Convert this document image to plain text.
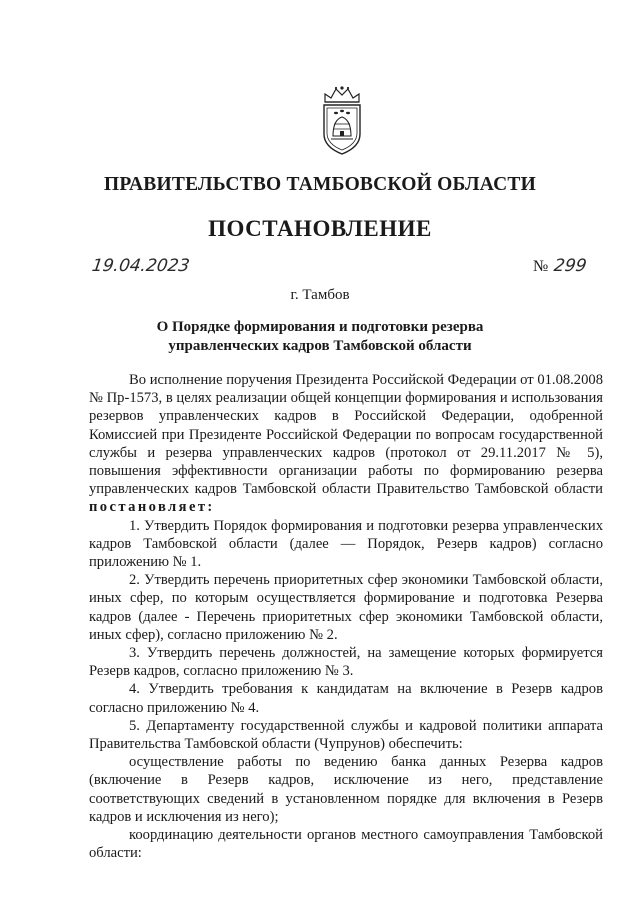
ПРАВИТЕЛЬСТВО ТАМБОВСКОЙ ОБЛАСТИ
ПОСТАНОВЛЕНИЕ
19.04.2023	№ 299
г. Тамбов
О Порядке формирования и подготовки резерва
управленческих кадров Тамбовской области

Во исполнение поручения Президента Российской Федерации от 01.08.2008 № Пр-1573, в целях реализации общей концепции формирования и использования резервов управленческих кадров в Российской Федерации, одобренной Комиссией при Президенте Российской Федерации по вопросам государственной службы и резерва управленческих кадров (протокол от 29.11.2017 № 5), повышения эффективности организации работы по формированию резерва управленческих кадров Тамбовской области Правительство Тамбовской области постановляет:

1. Утвердить Порядок формирования и подготовки резерва управленческих кадров Тамбовской области (далее — Порядок, Резерв кадров) согласно приложению № 1.

2. Утвердить перечень приоритетных сфер экономики Тамбовской области, иных сфер, по которым осуществляется формирование и подготовка Резерва кадров (далее - Перечень приоритетных сфер экономики Тамбовской области, иных сфер), согласно приложению № 2.

3. Утвердить перечень должностей, на замещение которых формируется Резерв кадров, согласно приложению № 3.

4. Утвердить требования к кандидатам на включение в Резерв кадров согласно приложению № 4.

5. Департаменту государственной службы и кадровой политики аппарата Правительства Тамбовской области (Чупрунов) обеспечить:

осуществление работы по ведению банка данных Резерва кадров (включение в Резерв кадров, исключение из него, представление соответствующих сведений в установленном порядке для включения в Резерв кадров и исключения из него);

координацию деятельности органов местного самоуправления Тамбовской области:
